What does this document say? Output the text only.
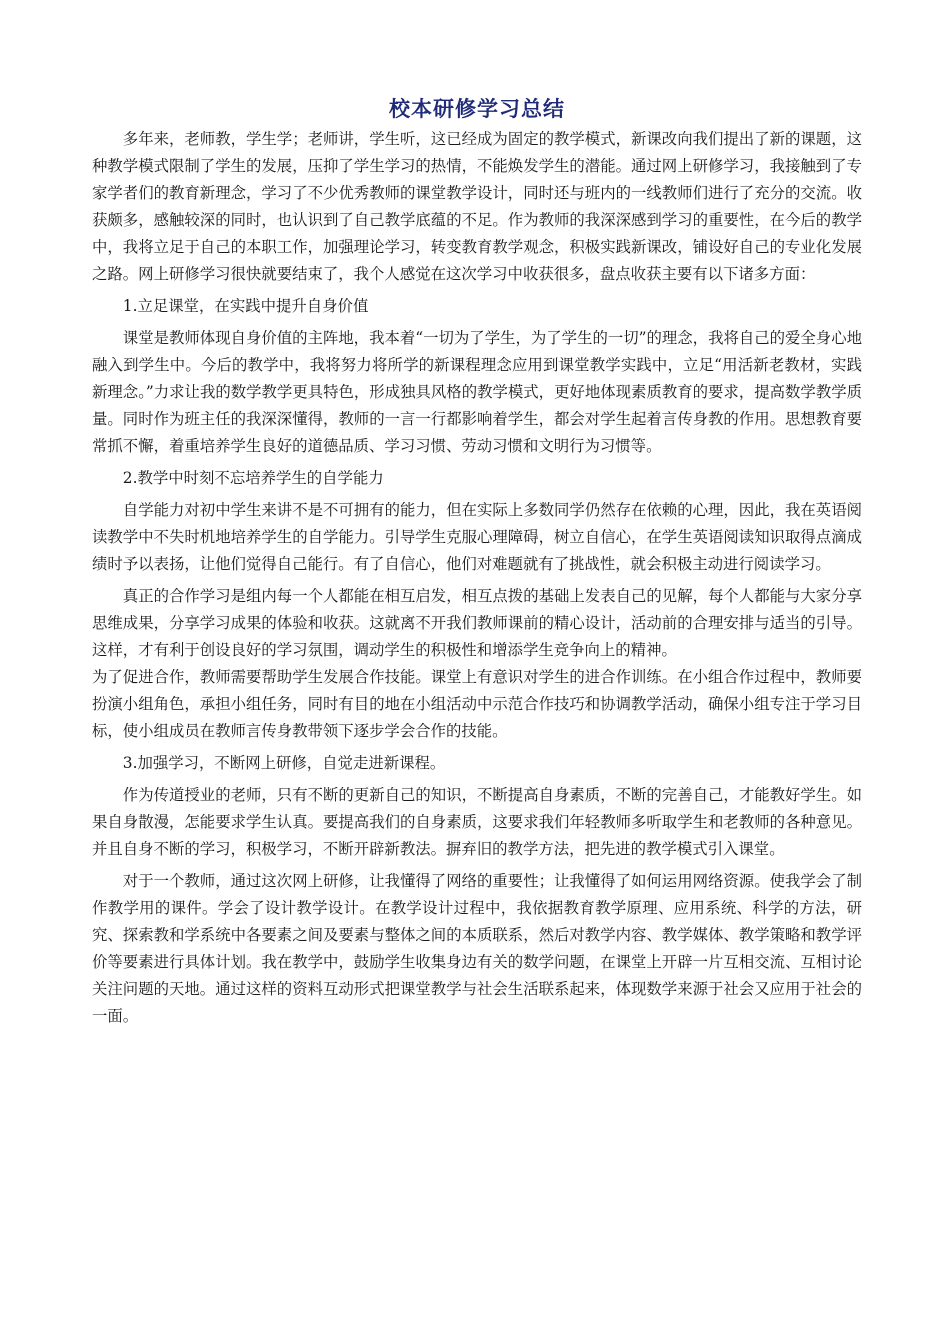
校本研修学习总结

多年来，老师教，学生学；老师讲，学生听，这已经成为固定的教学模式，新课改向我们提出了新的课题，这种教学模式限制了学生的发展，压抑了学生学习的热情，不能焕发学生的潜能。通过网上研修学习，我接触到了专家学者们的教育新理念，学习了不少优秀教师的课堂教学设计，同时还与班内的一线教师们进行了充分的交流。收获颇多，感触较深的同时，也认识到了自己教学底蕴的不足。作为教师的我深深感到学习的重要性，在今后的教学中，我将立足于自己的本职工作，加强理论学习，转变教育教学观念，积极实践新课改，铺设好自己的专业化发展之路。网上研修学习很快就要结束了，我个人感觉在这次学习中收获很多，盘点收获主要有以下诸多方面：

1.立足课堂，在实践中提升自身价值

课堂是教师体现自身价值的主阵地，我本着“一切为了学生，为了学生的一切”的理念，我将自己的爱全身心地融入到学生中。今后的教学中，我将努力将所学的新课程理念应用到课堂教学实践中，立足“用活新老教材，实践新理念。”力求让我的数学教学更具特色，形成独具风格的教学模式，更好地体现素质教育的要求，提高数学教学质量。同时作为班主任的我深深懂得，教师的一言一行都影响着学生，都会对学生起着言传身教的作用。思想教育要常抓不懈，着重培养学生良好的道德品质、学习习惯、劳动习惯和文明行为习惯等。

2.教学中时刻不忘培养学生的自学能力

自学能力对初中学生来讲不是不可拥有的能力，但在实际上多数同学仍然存在依赖的心理，因此，我在英语阅读教学中不失时机地培养学生的自学能力。引导学生克服心理障碍，树立自信心，在学生英语阅读知识取得点滴成绩时予以表扬，让他们觉得自己能行。有了自信心，他们对难题就有了挑战性，就会积极主动进行阅读学习。

真正的合作学习是组内每一个人都能在相互启发，相互点拨的基础上发表自己的见解，每个人都能与大家分享思维成果，分享学习成果的体验和收获。这就离不开我们教师课前的精心设计，活动前的合理安排与适当的引导。这样，才有利于创设良好的学习氛围，调动学生的积极性和增添学生竞争向上的精神。

为了促进合作，教师需要帮助学生发展合作技能。课堂上有意识对学生的进合作训练。在小组合作过程中，教师要扮演小组角色，承担小组任务，同时有目的地在小组活动中示范合作技巧和协调教学活动，确保小组专注于学习目标，使小组成员在教师言传身教带领下逐步学会合作的技能。

3.加强学习，不断网上研修，自觉走进新课程。

作为传道授业的老师，只有不断的更新自己的知识，不断提高自身素质，不断的完善自己，才能教好学生。如果自身散漫，怎能要求学生认真。要提高我们的自身素质，这要求我们年轻教师多听取学生和老教师的各种意见。并且自身不断的学习，积极学习，不断开辟新教法。摒弃旧的教学方法，把先进的教学模式引入课堂。

对于一个教师，通过这次网上研修，让我懂得了网络的重要性；让我懂得了如何运用网络资源。使我学会了制作教学用的课件。学会了设计教学设计。在教学设计过程中，我依据教育教学原理、应用系统、科学的方法，研究、探索教和学系统中各要素之间及要素与整体之间的本质联系，然后对教学内容、教学媒体、教学策略和教学评价等要素进行具体计划。我在教学中，鼓励学生收集身边有关的数学问题，在课堂上开辟一片互相交流、互相讨论关注问题的天地。通过这样的资料互动形式把课堂教学与社会生活联系起来，体现数学来源于社会又应用于社会的一面。
